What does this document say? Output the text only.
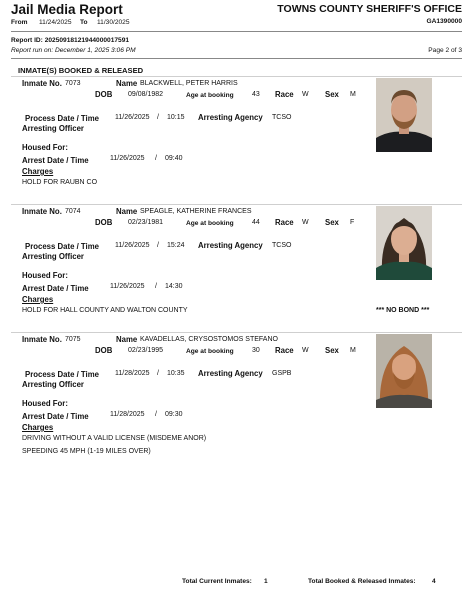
Jail Media Report
From 11/24/2025 To 11/30/2025
TOWNS COUNTY SHERIFF'S OFFICE
GA1390000
Report ID: 20250918121944000017591
Report run on: December 1, 2025 3:06 PM	Page 2 of 3
INMATE(S) BOOKED & RELEASED
Inmate No. 7073	Name BLACKWELL, PETER HARRIS
DOB 09/08/1982	Age at booking	43 Race W Sex M
Process Date / Time
Arresting Officer
11/26/2025 / 10:15 Arresting Agency TCSO
Housed For:
Arrest Date / Time	11/26/2025 / 09:40
Charges
HOLD FOR RAUBN CO
Inmate No. 7074	Name SPEAGLE, KATHERINE FRANCES
DOB 02/23/1981	Age at booking	44 Race W Sex F
Process Date / Time
Arresting Officer
11/26/2025 / 15:24 Arresting Agency TCSO
Housed For:
Arrest Date / Time	11/26/2025 / 14:30
Charges
HOLD FOR HALL COUNTY AND WALTON COUNTY	*** NO BOND ***
Inmate No. 7075	Name KAVADELLAS, CRYSOSTOMOS STEFANO
DOB 02/23/1995	Age at booking	30 Race W Sex M
Process Date / Time
Arresting Officer
11/28/2025 / 10:35 Arresting Agency GSPB
Housed For:
Arrest Date / Time	11/28/2025 / 09:30
Charges
DRIVING WITHOUT A VALID LICENSE (MISDEME ANOR)
SPEEDING 45 MPH (1-19 MILES OVER)
Total Current Inmates: 1	Total Booked & Released Inmates: 4
